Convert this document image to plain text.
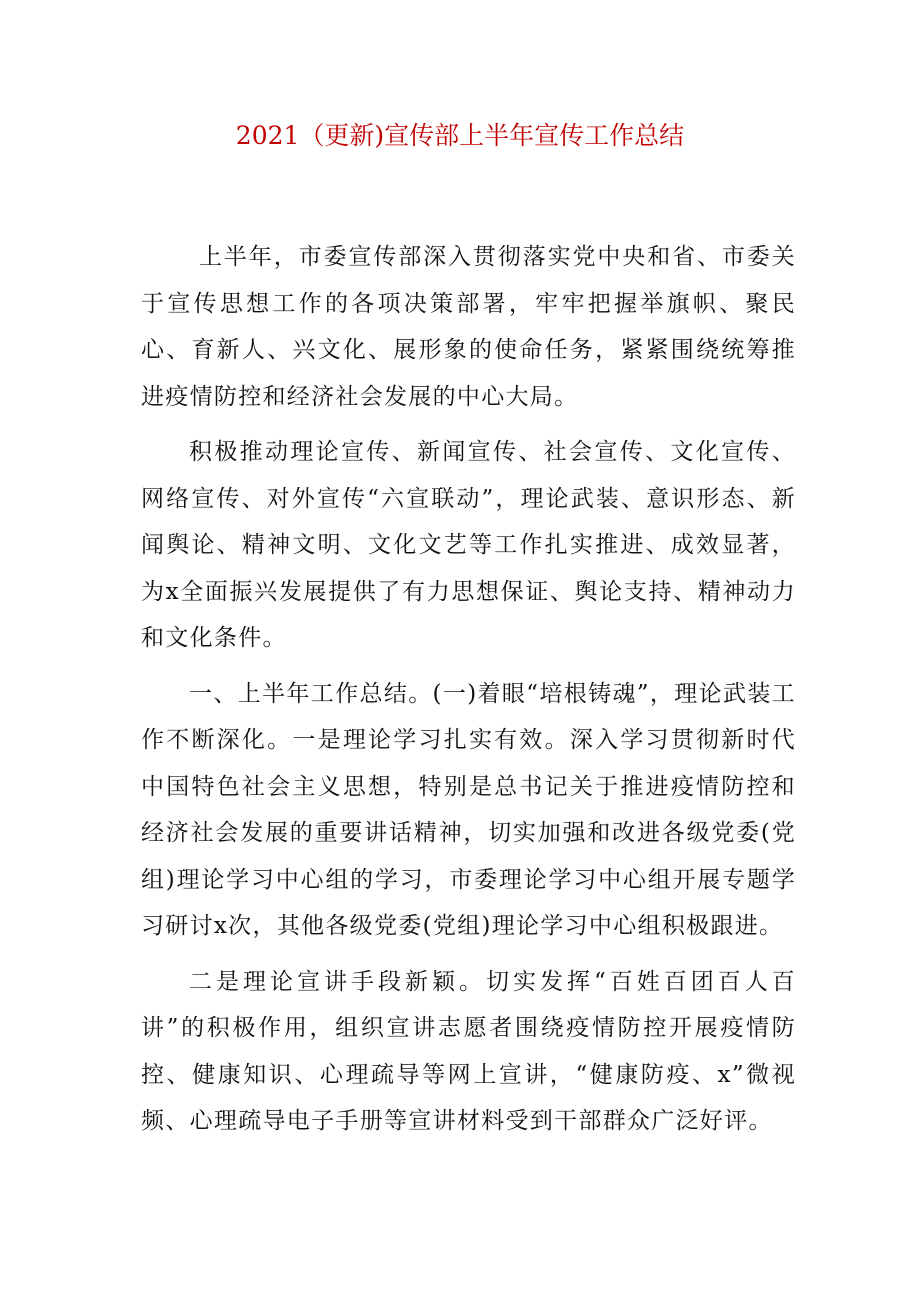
2021（更新)宣传部上半年宣传工作总结

上半年，市委宣传部深入贯彻落实党中央和省、市委关于宣传思想工作的各项决策部署，牢牢把握举旗帜、聚民心、育新人、兴文化、展形象的使命任务，紧紧围绕统筹推进疫情防控和经济社会发展的中心大局。

积极推动理论宣传、新闻宣传、社会宣传、文化宣传、网络宣传、对外宣传“六宣联动”，理论武装、意识形态、新闻舆论、精神文明、文化文艺等工作扎实推进、成效显著，为x全面振兴发展提供了有力思想保证、舆论支持、精神动力和文化条件。

一、上半年工作总结。(一)着眼“培根铸魂”，理论武装工作不断深化。一是理论学习扎实有效。深入学习贯彻新时代中国特色社会主义思想，特别是总书记关于推进疫情防控和经济社会发展的重要讲话精神，切实加强和改进各级党委(党组)理论学习中心组的学习，市委理论学习中心组开展专题学习研讨x次，其他各级党委(党组)理论学习中心组积极跟进。

二是理论宣讲手段新颖。切实发挥“百姓百团百人百讲”的积极作用，组织宣讲志愿者围绕疫情防控开展疫情防控、健康知识、心理疏导等网上宣讲，“健康防疫、x”微视频、心理疏导电子手册等宣讲材料受到干部群众广泛好评。
